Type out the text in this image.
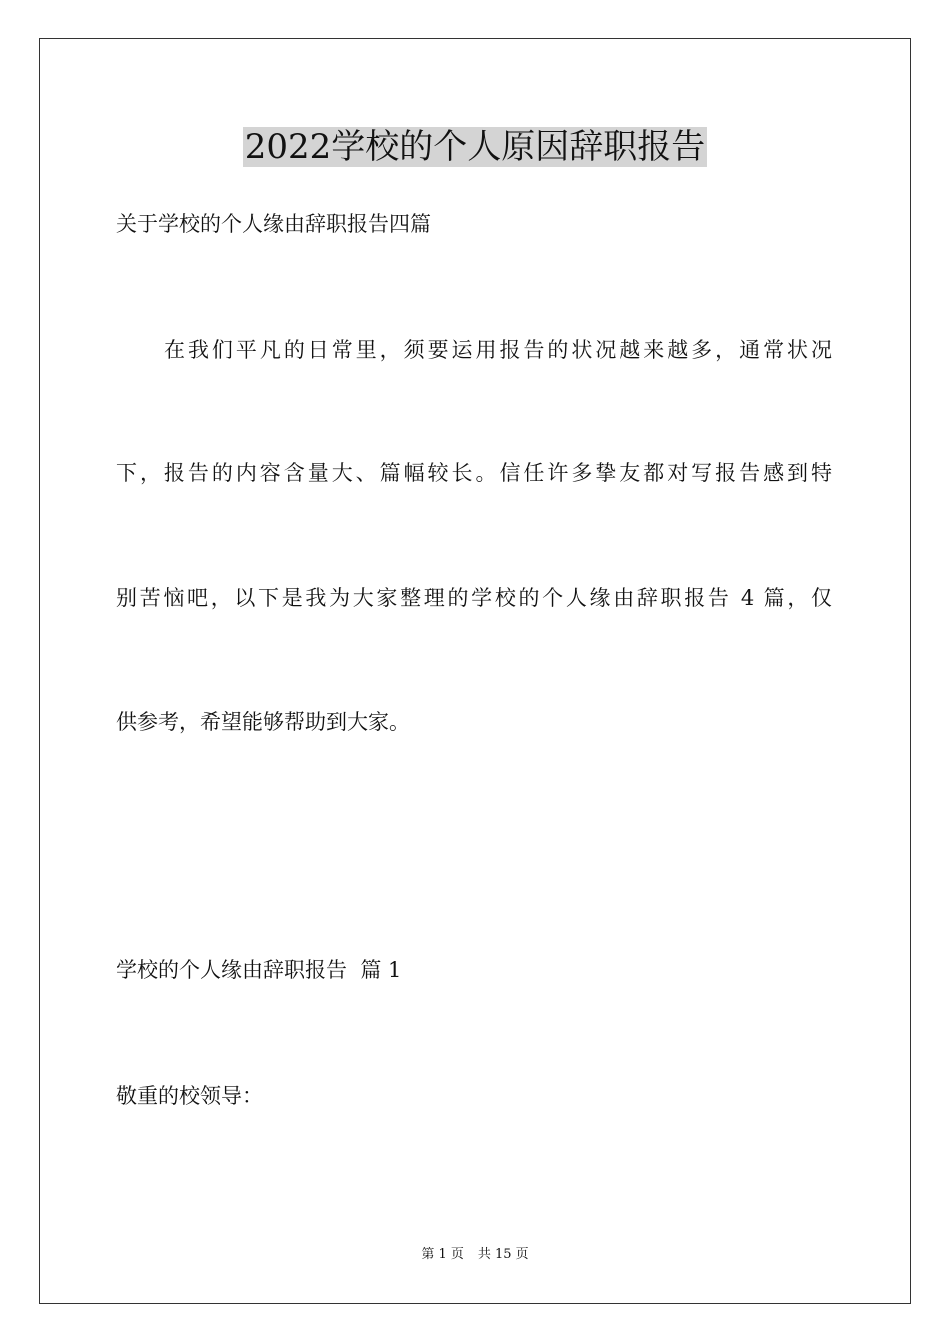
2022学校的个人原因辞职报告
关于学校的个人缘由辞职报告四篇
在我们平凡的日常里，须要运用报告的状况越来越多，通常状况
下，报告的内容含量大、篇幅较长。信任许多挚友都对写报告感到特
别苦恼吧，以下是我为大家整理的学校的个人缘由辞职报告 4 篇，仅
供参考，希望能够帮助到大家。
学校的个人缘由辞职报告  篇 1
敬重的校领导：
第 1 页 共 15 页
